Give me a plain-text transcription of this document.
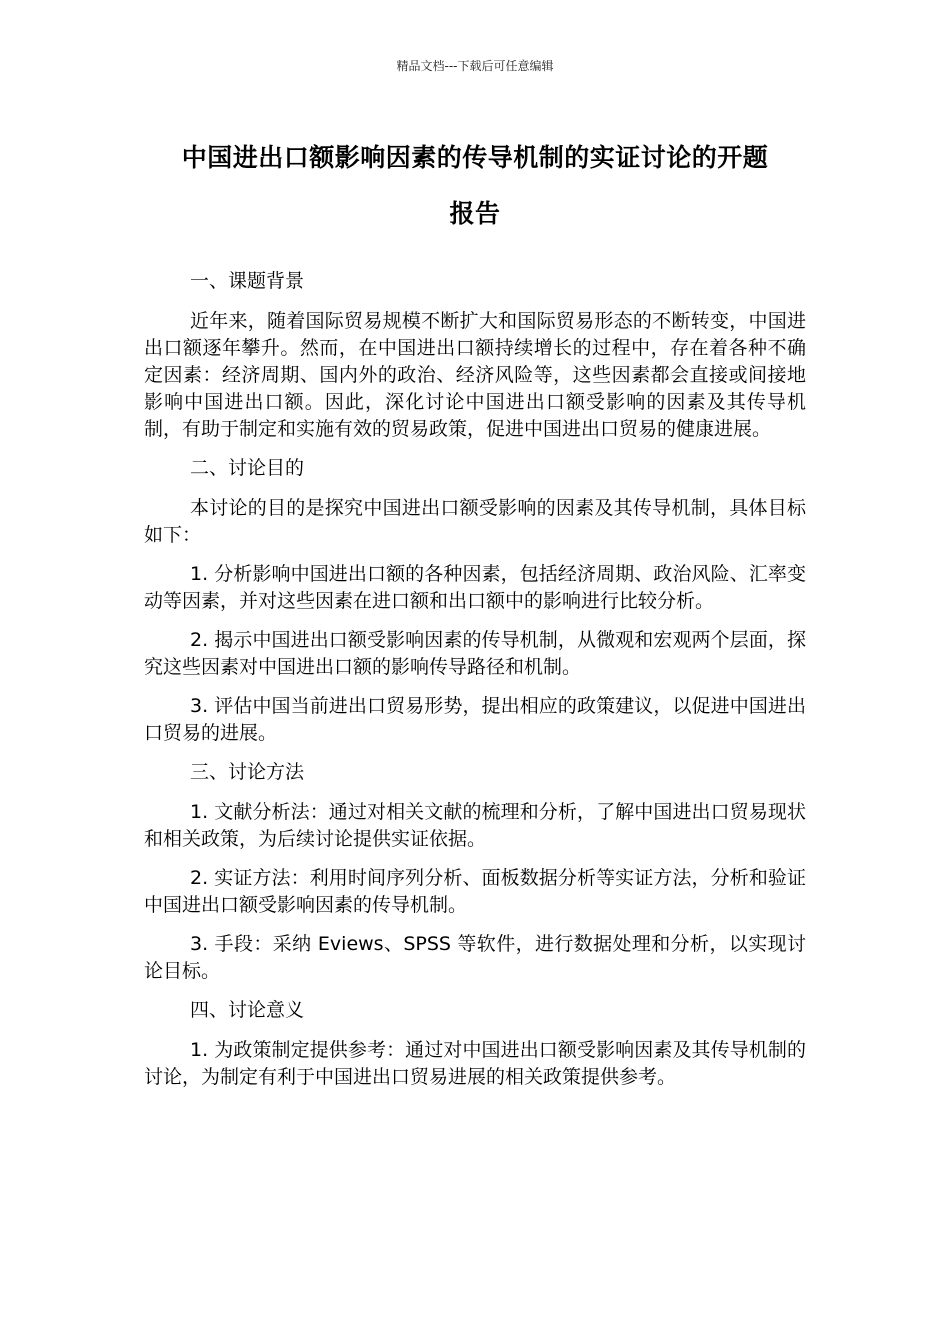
精品文档---下载后可任意编辑
中国进出口额影响因素的传导机制的实证讨论的开题
报告

一、课题背景

近年来，随着国际贸易规模不断扩大和国际贸易形态的不断转变，中国进出口额逐年攀升。然而，在中国进出口额持续增长的过程中，存在着各种不确定因素：经济周期、国内外的政治、经济风险等，这些因素都会直接或间接地影响中国进出口额。因此，深化讨论中国进出口额受影响的因素及其传导机制，有助于制定和实施有效的贸易政策，促进中国进出口贸易的健康进展。

二、讨论目的

本讨论的目的是探究中国进出口额受影响的因素及其传导机制，具体目标如下：

1. 分析影响中国进出口额的各种因素，包括经济周期、政治风险、汇率变动等因素，并对这些因素在进口额和出口额中的影响进行比较分析。

2. 揭示中国进出口额受影响因素的传导机制，从微观和宏观两个层面，探究这些因素对中国进出口额的影响传导路径和机制。

3. 评估中国当前进出口贸易形势，提出相应的政策建议，以促进中国进出口贸易的进展。

三、讨论方法

1. 文献分析法：通过对相关文献的梳理和分析，了解中国进出口贸易现状和相关政策，为后续讨论提供实证依据。

2. 实证方法：利用时间序列分析、面板数据分析等实证方法，分析和验证中国进出口额受影响因素的传导机制。

3. 手段：采纳 Eviews、SPSS 等软件，进行数据处理和分析，以实现讨论目标。

四、讨论意义

1. 为政策制定提供参考：通过对中国进出口额受影响因素及其传导机制的讨论，为制定有利于中国进出口贸易进展的相关政策提供参考。
